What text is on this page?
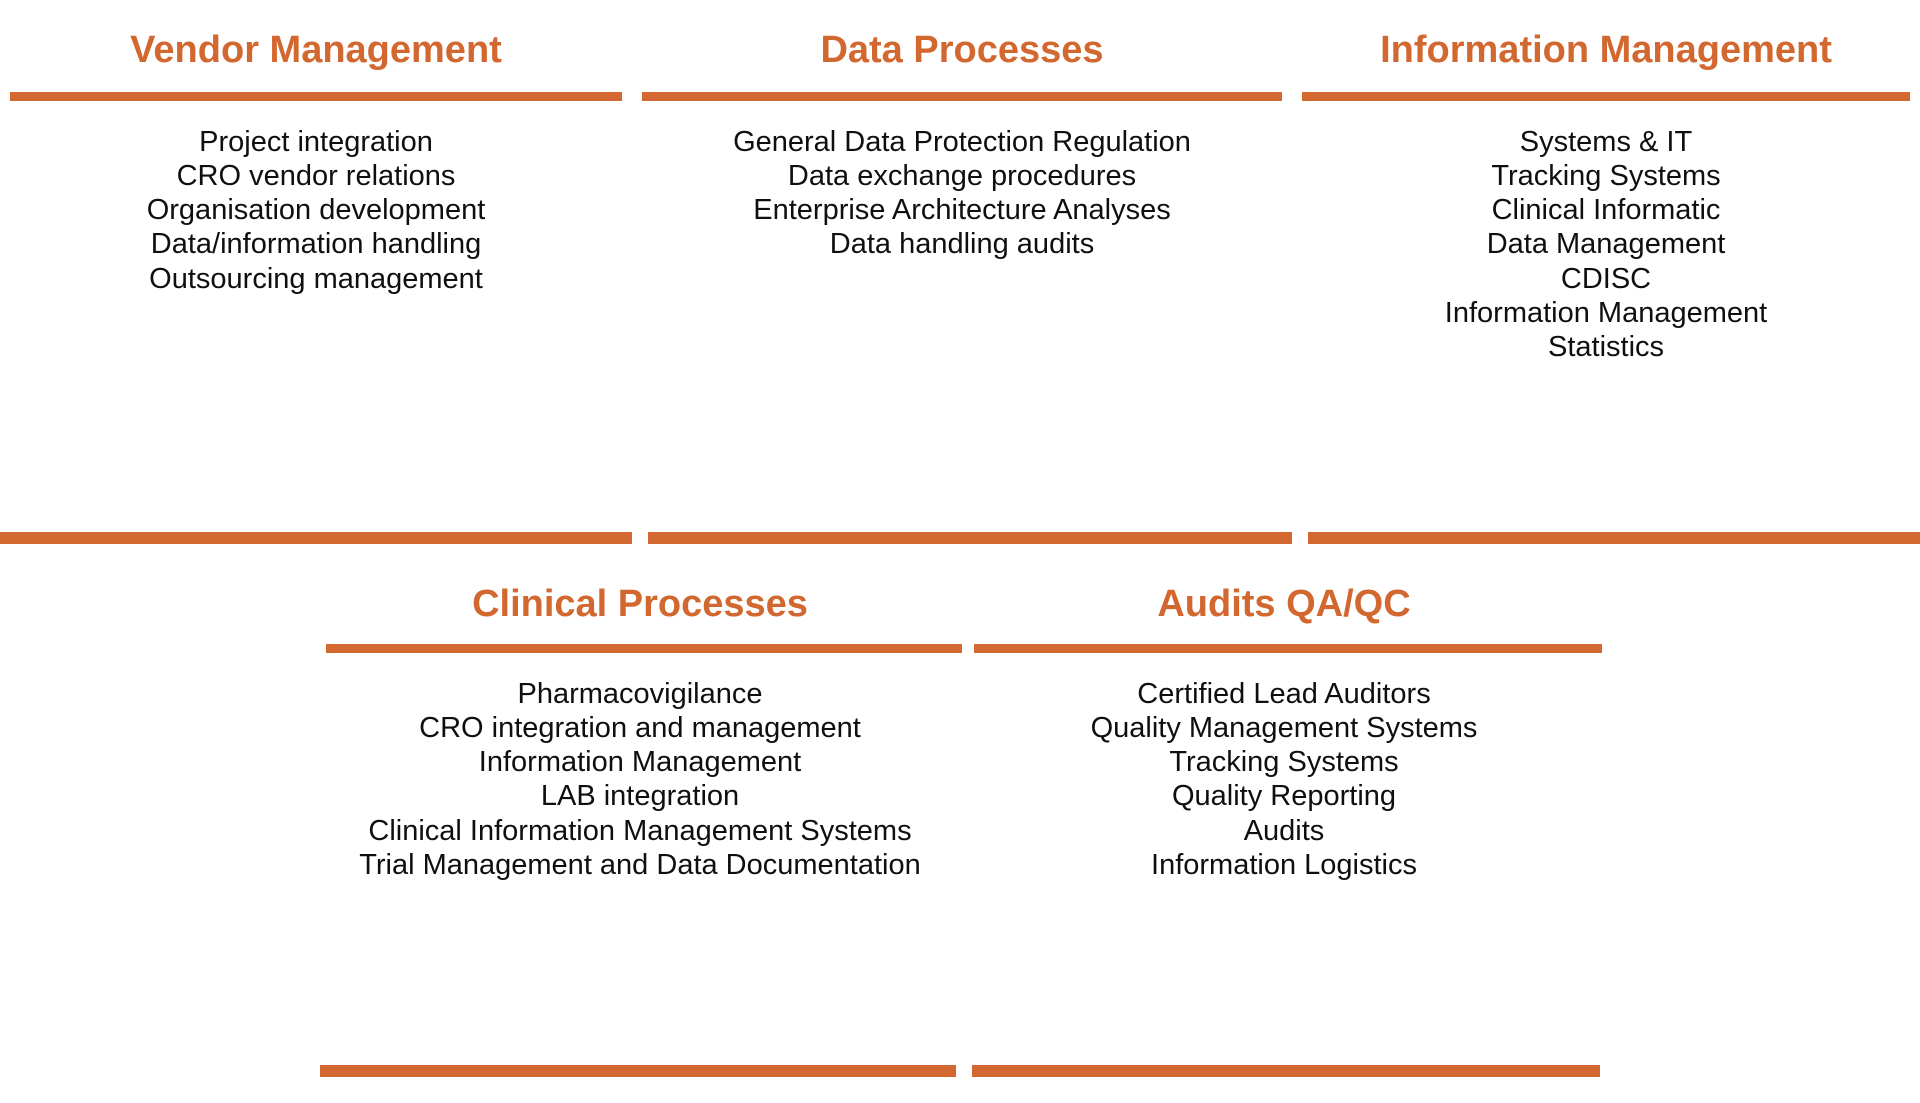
Vendor Management
Project integration
CRO vendor relations
Organisation development
Data/information handling
Outsourcing management
Data Processes
General Data Protection Regulation
Data exchange procedures
Enterprise Architecture Analyses
Data handling audits
Information Management
Systems & IT
Tracking Systems
Clinical Informatic
Data Management
CDISC
Information Management
Statistics
Clinical Processes
Pharmacovigilance
CRO integration and management
Information Management
LAB integration
Clinical Information Management Systems
Trial Management and Data Documentation
Audits QA/QC
Certified Lead Auditors
Quality Management Systems
Tracking Systems
Quality Reporting
Audits
Information Logistics
